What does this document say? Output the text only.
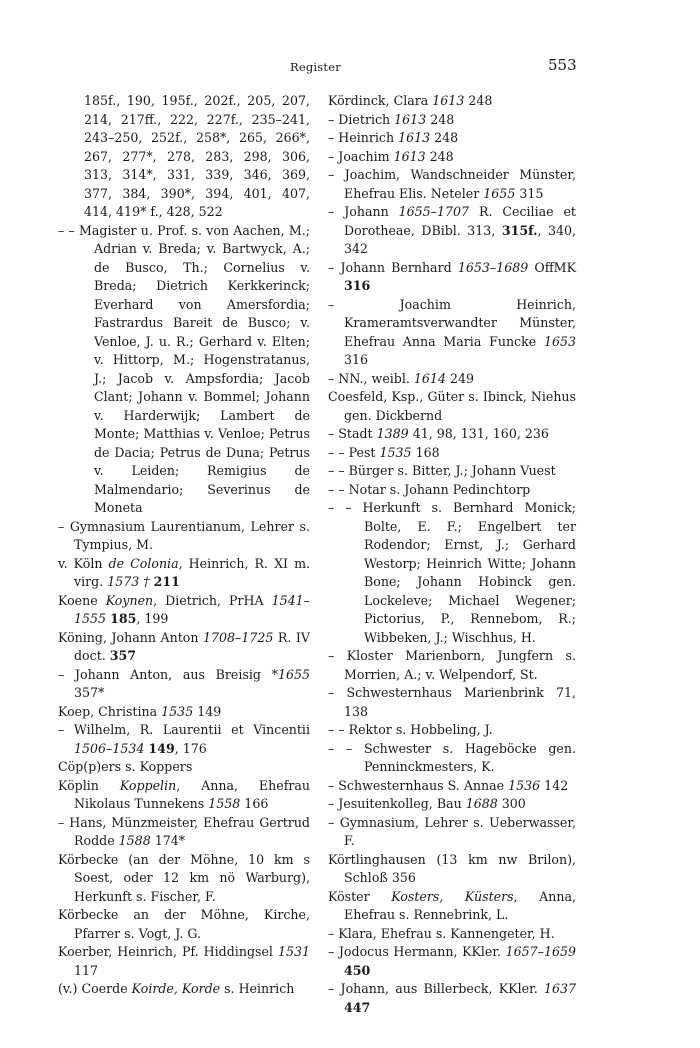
Register	553

185f., 190, 195f., 202f., 205, 207, 214, 217ff., 222, 227f., 235–241, 243–250, 252f., 258*, 265, 266*, 267, 277*, 278, 283, 298, 306, 313, 314*, 331, 339, 346, 369, 377, 384, 390*, 394, 401, 407, 414, 419* f., 428, 522

– – Magister u. Prof. s. von Aachen, M.; Adrian v. Breda; v. Bartwyck, A.; de Busco, Th.; Cornelius v. Breda; Dietrich Kerkkerinck; Everhard von Amersfordia; Fastrardus Bareit de Busco; v. Venloe, J. u. R.; Gerhard v. Elten; v. Hittorp, M.; Hogenstratanus, J.; Jacob v. Ampsfordia; Jacob Clant; Johann v. Bommel; Johann v. Harderwijk; Lambert de Monte; Matthias v. Venloe; Petrus de Dacia; Petrus de Duna; Petrus v. Leiden; Remigius de Malmendario; Severinus de Moneta

– Gymnasium Laurentianum, Lehrer s. Tympius, M.

v. Köln de Colonia, Heinrich, R. XI m. virg. 1573 † 211

Koene Koynen, Dietrich, PrHA 1541–1555 185, 199

Köning, Johann Anton 1708–1725 R. IV doct. 357

– Johann Anton, aus Breisig *1655 357*

Koep, Christina 1535 149

– Wilhelm, R. Laurentii et Vincentii 1506–1534 149, 176

Cöp(p)ers s. Koppers

Köplin Koppelin, Anna, Ehefrau Nikolaus Tunnekens 1558 166

– Hans, Münzmeister, Ehefrau Gertrud Rodde 1588 174*

Körbecke (an der Möhne, 10 km s Soest, oder 12 km nö Warburg), Herkunft s. Fischer, F.

Körbecke an der Möhne, Kirche, Pfarrer s. Vogt, J. G.

Koerber, Heinrich, Pf. Hiddingsel 1531 117

(v.) Coerde Koirde, Korde s. Heinrich

Kördinck, Clara 1613 248

– Dietrich 1613 248

– Heinrich 1613 248

– Joachim 1613 248

– Joachim, Wandschneider Münster, Ehefrau Elis. Neteler 1655 315

– Johann 1655–1707 R. Ceciliae et Dorotheae, DBibl. 313, 315f., 340, 342

– Johann Bernhard 1653–1689 OffMK 316

– Joachim Heinrich, Krameramtsverwandter Münster, Ehefrau Anna Maria Funcke 1653 316

– NN., weibl. 1614 249

Coesfeld, Ksp., Güter s. Ibinck, Niehus gen. Dickbernd

– Stadt 1389 41, 98, 131, 160, 236

– – Pest 1535 168

– – Bürger s. Bitter, J.; Johann Vuest

– – Notar s. Johann Pedinchtorp

– – Herkunft s. Bernhard Monick; Bolte, E. F.; Engelbert ter Rodendor; Ernst, J.; Gerhard Westorp; Heinrich Witte; Johann Bone; Johann Hobinck gen. Lockeleve; Michael Wegener; Pictorius, P., Rennebom, R.; Wibbeken, J.; Wischhus, H.

– Kloster Marienborn, Jungfern s. Morrien, A.; v. Welpendorf, St.

– Schwesternhaus Marienbrink 71, 138

– – Rektor s. Hobbeling, J.

– – Schwester s. Hageböcke gen. Penninckmesters, K.

– Schwesternhaus S. Annae 1536 142

– Jesuitenkolleg, Bau 1688 300

– Gymnasium, Lehrer s. Ueberwasser, F.

Körtlinghausen (13 km nw Brilon), Schloß 356

Köster Kosters, Küsters, Anna, Ehefrau s. Rennebrink, L.

– Klara, Ehefrau s. Kannengeter, H.

– Jodocus Hermann, KKler. 1657–1659 450

– Johann, aus Billerbeck, KKler. 1637 447
